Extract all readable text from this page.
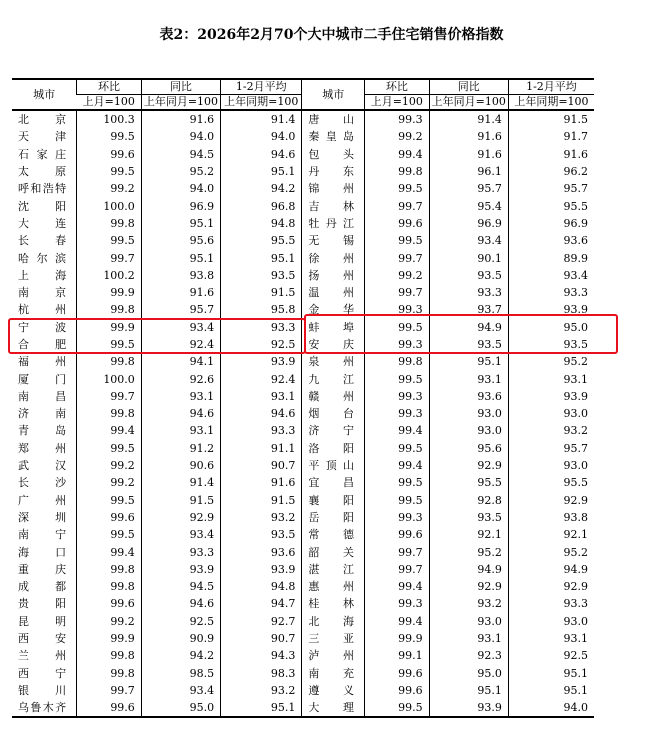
表2：2026年2月70个大中城市二手住宅销售价格指数
城市	环比	同比	1-2月平均	城市	环比	同比	1-2月平均
	上月=100	上年同月=100	上年同期=100		上月=100	上年同月=100	上年同期=100
北 京	100.3	91.6	91.4	唐 山	99.3	91.4	91.5
天 津	99.5	94.0	94.0	秦皇岛	99.2	91.6	91.7
石家庄	99.6	94.5	94.6	包 头	99.4	91.6	91.6
太 原	99.5	95.2	95.1	丹 东	99.8	96.1	96.2
呼和浩特	99.2	94.0	94.2	锦 州	99.5	95.7	95.7
沈 阳	100.0	96.9	96.8	吉 林	99.7	95.4	95.5
大 连	99.8	95.1	94.8	牡丹江	99.6	96.9	96.9
长 春	99.5	95.6	95.5	无 锡	99.5	93.4	93.6
哈尔滨	99.7	95.1	95.1	徐 州	99.7	90.1	89.9
上 海	100.2	93.8	93.5	扬 州	99.2	93.5	93.4
南 京	99.9	91.6	91.5	温 州	99.7	93.3	93.3
杭 州	99.8	95.7	95.8	金 华	99.3	93.7	93.9
宁 波	99.9	93.4	93.3	蚌 埠	99.5	94.9	95.0
合 肥	99.5	92.4	92.5	安 庆	99.3	93.5	93.5
福 州	99.8	94.1	93.9	泉 州	99.8	95.1	95.2
厦 门	100.0	92.6	92.4	九 江	99.5	93.1	93.1
南 昌	99.7	93.1	93.1	赣 州	99.3	93.6	93.9
济 南	99.8	94.6	94.6	烟 台	99.3	93.0	93.0
青 岛	99.4	93.1	93.3	济 宁	99.4	93.0	93.2
郑 州	99.5	91.2	91.1	洛 阳	99.5	95.6	95.7
武 汉	99.2	90.6	90.7	平顶山	99.4	92.9	93.0
长 沙	99.2	91.4	91.6	宜 昌	99.5	95.5	95.5
广 州	99.5	91.5	91.5	襄 阳	99.5	92.8	92.9
深 圳	99.6	92.9	93.2	岳 阳	99.3	93.5	93.8
南 宁	99.5	93.4	93.5	常 德	99.6	92.1	92.1
海 口	99.4	93.3	93.6	韶 关	99.7	95.2	95.2
重 庆	99.8	93.9	93.9	湛 江	99.7	94.9	94.9
成 都	99.8	94.5	94.8	惠 州	99.4	92.9	92.9
贵 阳	99.6	94.6	94.7	桂 林	99.3	93.2	93.3
昆 明	99.2	92.5	92.7	北 海	99.4	93.0	93.0
西 安	99.9	90.9	90.7	三 亚	99.9	93.1	93.1
兰 州	99.8	94.2	94.3	泸 州	99.1	92.3	92.5
西 宁	99.8	98.5	98.3	南 充	99.6	95.0	95.1
银 川	99.7	93.4	93.2	遵 义	99.6	95.1	95.1
乌鲁木齐	99.6	95.0	95.1	大 理	99.5	93.9	94.0
